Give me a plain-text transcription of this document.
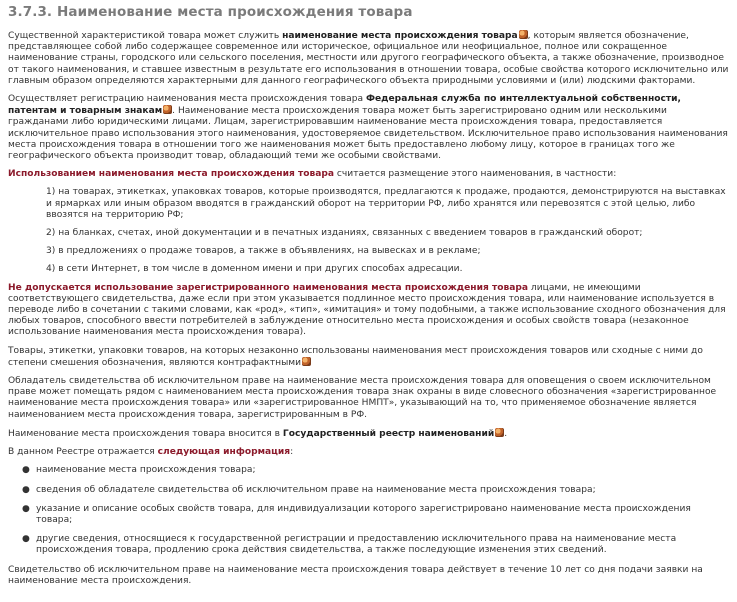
3.7.3. Наименование места происхождения товара

Существенной характеристикой товара может служить наименование места происхождения товара , которым является обозначение, представляющее собой либо содержащее современное или историческое, официальное или неофициальное, полное или сокращенное наименование страны, городского или сельского поселения, местности или другого географического объекта, а также обозначение, производное от такого наименования, и ставшее известным в результате его использования в отношении товара, особые свойства которого исключительно или главным образом определяются характерными для данного географического объекта природными условиями и (или) людскими факторами.

Осуществляет регистрацию наименования места происхождения товара Федеральная служба по интеллектуальной собственности, патентам и товарным знакам . Наименование места происхождения товара может быть зарегистрировано одним или несколькими гражданами либо юридическими лицами. Лицам, зарегистрировавшим наименование места происхождения товара, предоставляется исключительное право использования этого наименования, удостоверяемое свидетельством. Исключительное право использования наименования места происхождения товара в отношении того же наименования может быть предоставлено любому лицу, которое в границах того же географического объекта производит товар, обладающий теми же особыми свойствами.

Использованием наименования места происхождения товара считается размещение этого наименования, в частности:

1) на товарах, этикетках, упаковках товаров, которые производятся, предлагаются к продаже, продаются, демонстрируются на выставках и ярмарках или иным образом вводятся в гражданский оборот на территории РФ, либо хранятся или перевозятся с этой целью, либо ввозятся на территорию РФ;
2) на бланках, счетах, иной документации и в печатных изданиях, связанных с введением товаров в гражданский оборот;
3) в предложениях о продаже товаров, а также в объявлениях, на вывесках и в рекламе;
4) в сети Интернет, в том числе в доменном имени и при других способах адресации.

Не допускается использование зарегистрированного наименования места происхождения товара лицами, не имеющими соответствующего свидетельства, даже если при этом указывается подлинное место происхождения товара, или наименование используется в переводе либо в сочетании с такими словами, как «род», «тип», «имитация» и тому подобными, а также использование сходного обозначения для любых товаров, способного ввести потребителей в заблуждение относительно места происхождения и особых свойств товара (незаконное использование наименования места происхождения товара).

Товары, этикетки, упаковки товаров, на которых незаконно использованы наименования мест происхождения товаров или сходные с ними до степени смешения обозначения, являются контрафактными

Обладатель свидетельства об исключительном праве на наименование места происхождения товара для оповещения о своем исключительном праве может помещать рядом с наименованием места происхождения товара знак охраны в виде словесного обозначения «зарегистрированное наименование места происхождения товара» или «зарегистрированное НМПТ», указывающий на то, что применяемое обозначение является наименованием места происхождения товара, зарегистрированным в РФ.

Наименование места происхождения товара вносится в Государственный реестр наименований .

В данном Реестре отражается следующая информация:

● наименование места происхождения товара;
● сведения об обладателе свидетельства об исключительном праве на наименование места происхождения товара;
● указание и описание особых свойств товара, для индивидуализации которого зарегистрировано наименование места происхождения товара;
● другие сведения, относящиеся к государственной регистрации и предоставлению исключительного права на наименование места происхождения товара, продлению срока действия свидетельства, а также последующие изменения этих сведений.

Свидетельство об исключительном праве на наименование места происхождения товара действует в течение 10 лет со дня подачи заявки на наименование места происхождения.
